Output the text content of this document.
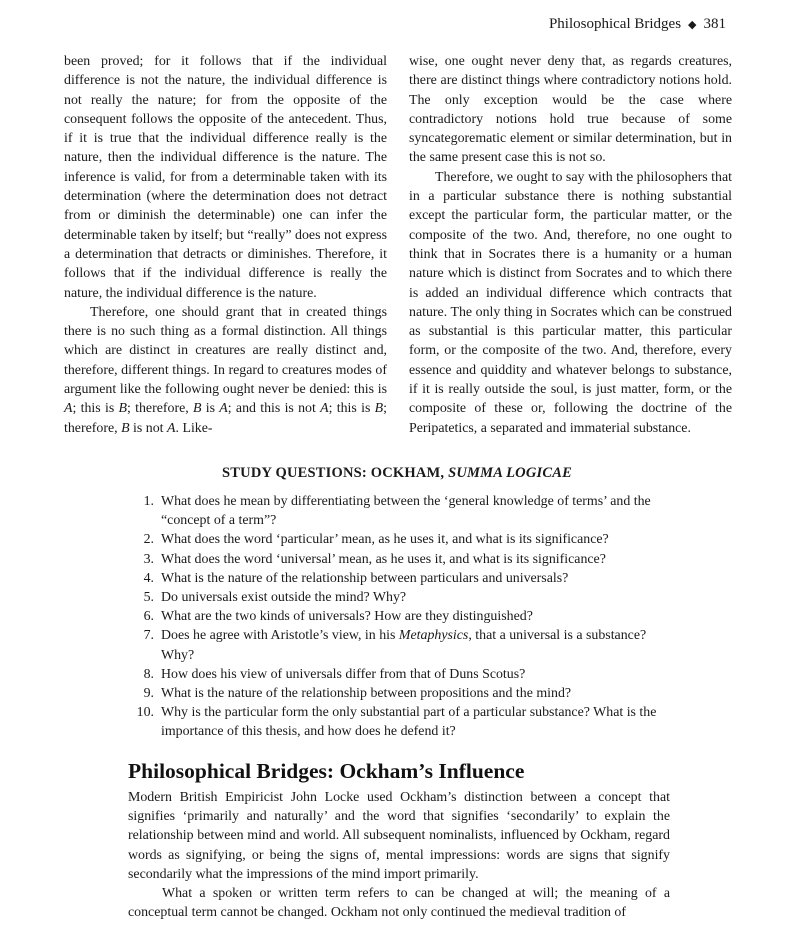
Philosophical Bridges ◆ 381

been proved; for it follows that if the individual difference is not the nature, the individual difference is not really the nature; for from the opposite of the consequent follows the opposite of the antecedent. Thus, if it is true that the individual difference really is the nature, then the individual difference is the nature. The inference is valid, for from a determinable taken with its determination (where the determination does not detract from or diminish the determinable) one can infer the determinable taken by itself; but “really” does not express a determination that detracts or diminishes. Therefore, it follows that if the individual difference is really the nature, the individual difference is the nature.

Therefore, one should grant that in created things there is no such thing as a formal distinction. All things which are distinct in creatures are really distinct and, therefore, different things. In regard to creatures modes of argument like the following ought never be denied: this is A; this is B; therefore, B is A; and this is not A; this is B; therefore, B is not A. Like-

wise, one ought never deny that, as regards creatures, there are distinct things where contradictory notions hold. The only exception would be the case where contradictory notions hold true because of some syncategorematic element or similar determination, but in the same present case this is not so.

Therefore, we ought to say with the philosophers that in a particular substance there is nothing substantial except the particular form, the particular matter, or the composite of the two. And, therefore, no one ought to think that in Socrates there is a humanity or a human nature which is distinct from Socrates and to which there is added an individual difference which contracts that nature. The only thing in Socrates which can be construed as substantial is this particular matter, this particular form, or the composite of the two. And, therefore, every essence and quiddity and whatever belongs to substance, if it is really outside the soul, is just matter, form, or the composite of these or, following the doctrine of the Peripatetics, a separated and immaterial substance.

STUDY QUESTIONS: OCKHAM, SUMMA LOGICAE
1. What does he mean by differentiating between the ‘general knowledge of terms’ and the “concept of a term”?
2. What does the word ‘particular’ mean, as he uses it, and what is its significance?
3. What does the word ‘universal’ mean, as he uses it, and what is its significance?
4. What is the nature of the relationship between particulars and universals?
5. Do universals exist outside the mind? Why?
6. What are the two kinds of universals? How are they distinguished?
7. Does he agree with Aristotle’s view, in his Metaphysics, that a universal is a substance? Why?
8. How does his view of universals differ from that of Duns Scotus?
9. What is the nature of the relationship between propositions and the mind?
10. Why is the particular form the only substantial part of a particular substance? What is the importance of this thesis, and how does he defend it?
Philosophical Bridges: Ockham’s Influence

Modern British Empiricist John Locke used Ockham’s distinction between a concept that signifies ‘primarily and naturally’ and the word that signifies ‘secondarily’ to explain the relationship between mind and world. All subsequent nominalists, influenced by Ockham, regard words as signifying, or being the signs of, mental impressions: words are signs that signify secondarily what the impressions of the mind import primarily.

What a spoken or written term refers to can be changed at will; the meaning of a conceptual term cannot be changed. Ockham not only continued the medieval tradition of
